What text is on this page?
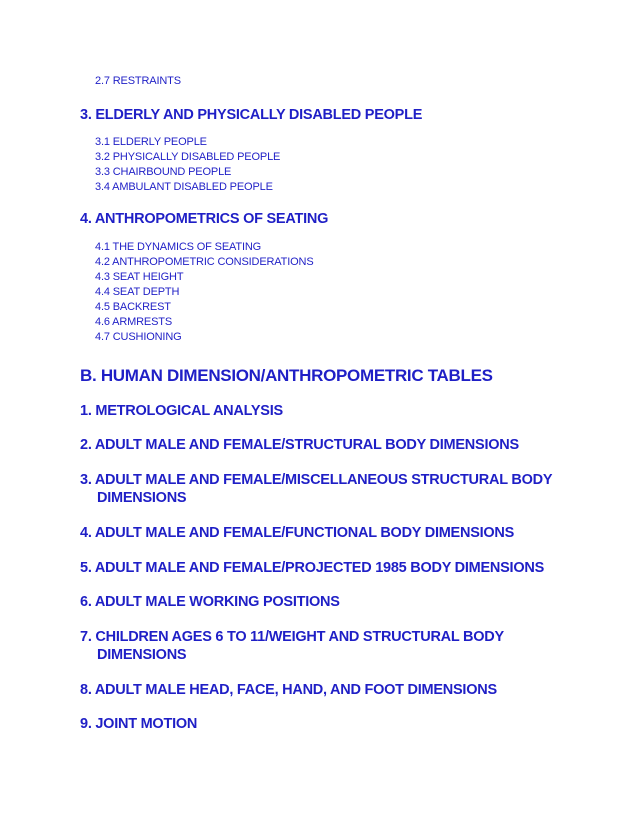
2.7 RESTRAINTS
3. ELDERLY AND PHYSICALLY DISABLED PEOPLE
3.1 ELDERLY PEOPLE
3.2 PHYSICALLY DISABLED PEOPLE
3.3 CHAIRBOUND PEOPLE
3.4 AMBULANT DISABLED PEOPLE
4. ANTHROPOMETRICS OF SEATING
4.1 THE DYNAMICS OF SEATING
4.2 ANTHROPOMETRIC CONSIDERATIONS
4.3 SEAT HEIGHT
4.4 SEAT DEPTH
4.5 BACKREST
4.6 ARMRESTS
4.7 CUSHIONING
B. HUMAN DIMENSION/ANTHROPOMETRIC TABLES
1. METROLOGICAL ANALYSIS
2. ADULT MALE AND FEMALE/STRUCTURAL BODY DIMENSIONS
3. ADULT MALE AND FEMALE/MISCELLANEOUS STRUCTURAL BODY
DIMENSIONS
4. ADULT MALE AND FEMALE/FUNCTIONAL BODY DIMENSIONS
5. ADULT MALE AND FEMALE/PROJECTED 1985 BODY DIMENSIONS
6. ADULT MALE WORKING POSITIONS
7. CHILDREN AGES 6 TO 11/WEIGHT AND STRUCTURAL BODY
DIMENSIONS
8. ADULT MALE HEAD, FACE, HAND, AND FOOT DIMENSIONS
9. JOINT MOTION
